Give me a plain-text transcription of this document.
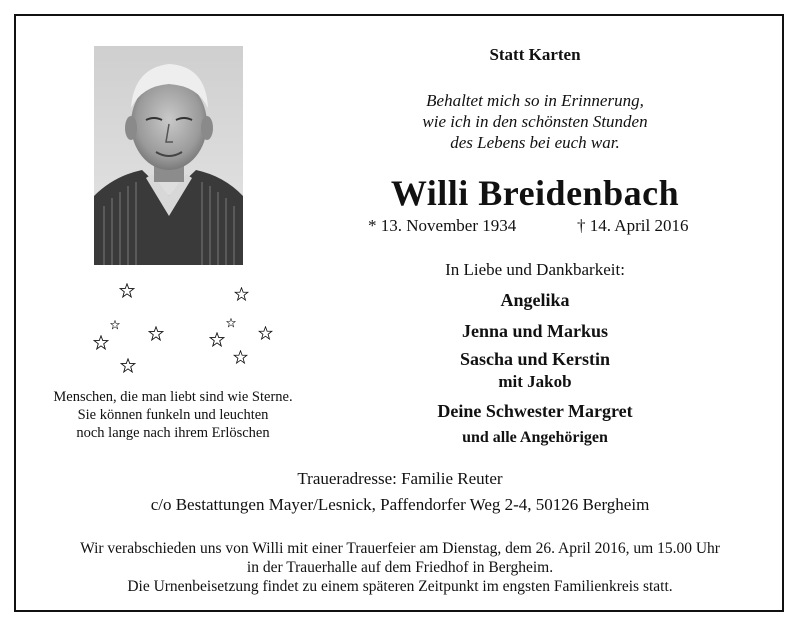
Menschen, die man liebt sind wie Sterne.
Sie können funkeln und leuchten
noch lange nach ihrem Erlöschen
Statt Karten
Behaltet mich so in Erinnerung,
wie ich in den schönsten Stunden
des Lebens bei euch war.
Willi Breidenbach
* 13. November 1934	† 14. April 2016
In Liebe und Dankbarkeit:
Angelika
Jenna und Markus
Sascha und Kerstin
mit Jakob
Deine Schwester Margret
und alle Angehörigen
Traueradresse: Familie Reuter
c/o Bestattungen Mayer/Lesnick, Paffendorfer Weg 2-4, 50126 Bergheim
Wir verabschieden uns von Willi mit einer Trauerfeier am Dienstag, dem 26. April 2016, um 15.00 Uhr
in der Trauerhalle auf dem Friedhof in Bergheim.
Die Urnenbeisetzung findet zu einem späteren Zeitpunkt im engsten Familienkreis statt.
